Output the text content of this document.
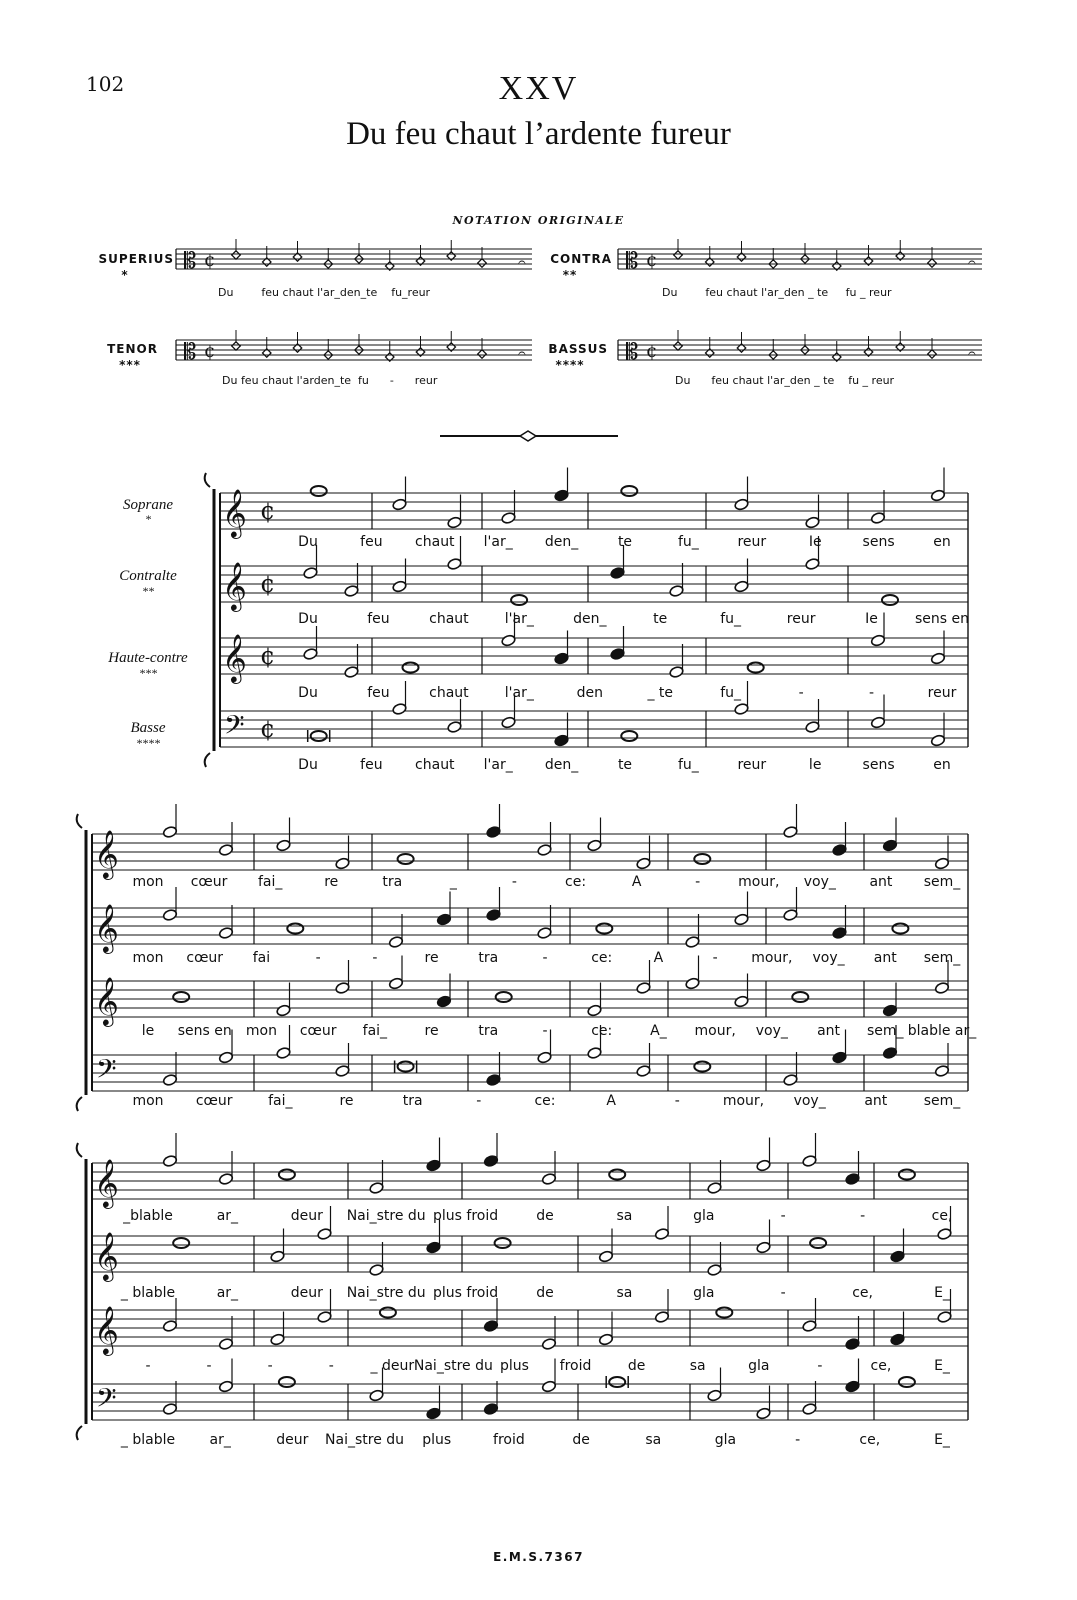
102	XXV
Du feu chaut l’ardente fureur
NOTATION ORIGINALE
SUPERIUS
*
CONTRA
**
TENOR
***
BASSUS
****
Du        feu chaut l'ar_den_te    fu_reur	Du        feu chaut l'ar_den _ te     fu _ reur
Du feu chaut l'arden_te  fu      -      reur	Du      feu chaut l'ar_den _ te    fu _ reur
Soprane
*
Contralte
**
Haute-contre
***
Basse
****
E.M.S.7367
𝄡 ¢	𝄐	𝄡 ¢	𝄐
𝄡 ¢	𝄐	𝄡 ¢	𝄐
𝄞 ¢
𝄞 ¢
𝄞 ¢
𝄢 ¢
𝄞
𝄞
𝄞
𝄢
𝄞
𝄞
𝄞
𝄢
Du	feu chaut l'ar_ den_	te	fu_	reur	Ie	sens	en
Du	feu	chaut	l'ar_	den_	te	fu_	reur	Ie	sens en
Du	feu	chaut	l'ar_	den	_ te	fu_	-	-	reur
Du	feu chaut l'ar_ den_	te	fu_	reur	le	sens	en
mon cœur fai_	re	tra	_	-	ce:	A	-	mour, voy_ ant sem_
mon cœur fai	-	-	re	tra	-	ce:	A	- mour, voy_ ant sem_
le sens en mon cœur fai_	re	tra	-	ce:	A_ mour, voy_ ant sem_ blable ar_
mon cœur	fai_	re	tra	-	ce:	A	-	mour, voy_	ant	sem_
_blable	ar_	deur Nai_stre du plus froid	de	sa	gla	-	-	ce,
_ blable	ar_	deur Nai_stre du plus froid	de	sa	gla	-	ce,	E_
-	-	-	-	_ deur Nai_stre du plus froid	de	sa	gla	-	ce,	E_
_ blable ar_	deur Nai_stre du plus	froid	de	sa	gla	-	ce,	E_
